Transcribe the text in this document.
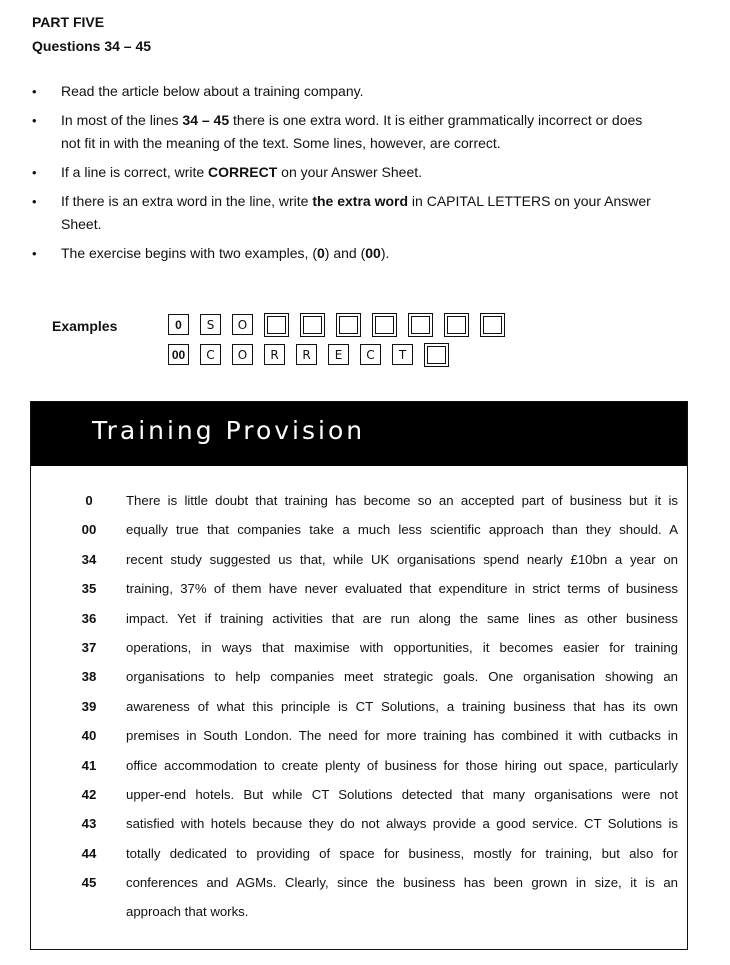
PART FIVE
Questions 34 – 45
• Read the article below about a training company.
• In most of the lines 34 – 45 there is one extra word. It is either grammatically incorrect or does not fit in with the meaning of the text. Some lines, however, are correct.
• If a line is correct, write CORRECT on your Answer Sheet.
• If there is an extra word in the line, write the extra word in CAPITAL LETTERS on your Answer Sheet.
• The exercise begins with two examples, (0) and (00).
Examples	0	S	O
00	C	O	R	R	E	C	T
Training Provision
0	There is little doubt that training has become so an accepted part of business but it is
00	equally true that companies take a much less scientific approach than they should. A
34	recent study suggested us that, while UK organisations spend nearly £10bn a year on
35	training, 37% of them have never evaluated that expenditure in strict terms of business
36	impact. Yet if training activities that are run along the same lines as other business
37	operations, in ways that maximise with opportunities, it becomes easier for training
38	organisations to help companies meet strategic goals. One organisation showing an
39	awareness of what this principle is CT Solutions, a training business that has its own
40	premises in South London. The need for more training has combined it with cutbacks in
41	office accommodation to create plenty of business for those hiring out space, particularly
42	upper-end hotels. But while CT Solutions detected that many organisations were not
43	satisfied with hotels because they do not always provide a good service. CT Solutions is
44	totally dedicated to providing of space for business, mostly for training, but also for
45	conferences and AGMs. Clearly, since the business has been grown in size, it is an
approach that works.
